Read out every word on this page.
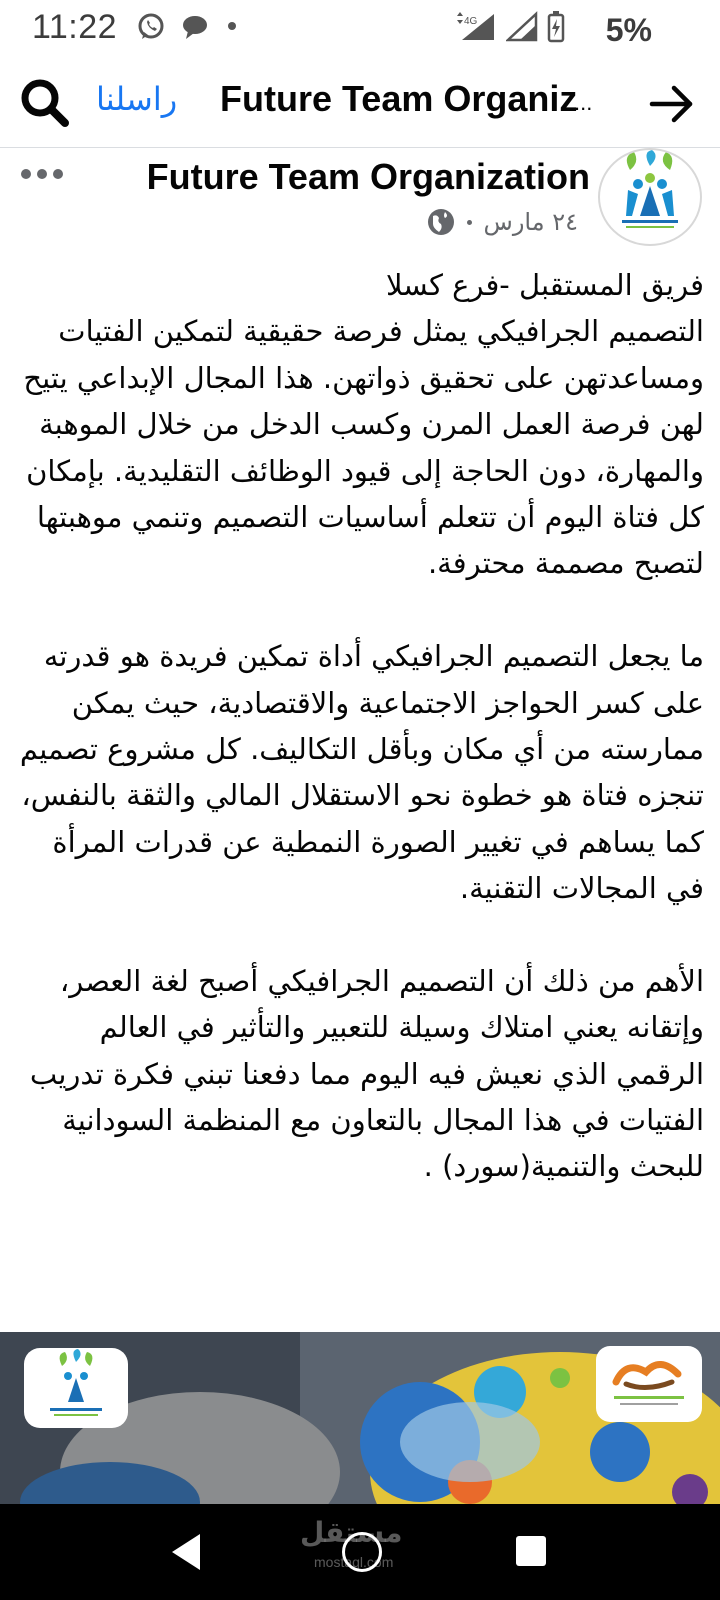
11:22	4G	5%
راسلنا Future Team Organiz
...
Future Team Organization
٢٤ مارس
فريق المستقبل -فرع كسلا
التصميم الجرافيكي يمثل فرصة حقيقية لتمكين الفتيات ومساعدتهن على تحقيق ذواتهن. هذا المجال الإبداعي يتيح لهن فرصة العمل المرن وكسب الدخل من خلال الموهبة والمهارة، دون الحاجة إلى قيود الوظائف التقليدية. بإمكان كل فتاة اليوم أن تتعلم أساسيات التصميم وتنمي موهبتها لتصبح مصممة محترفة.

ما يجعل التصميم الجرافيكي أداة تمكين فريدة هو قدرته على كسر الحواجز الاجتماعية والاقتصادية، حيث يمكن ممارسته من أي مكان وبأقل التكاليف. كل مشروع تصميم تنجزه فتاة هو خطوة نحو الاستقلال المالي والثقة بالنفس، كما يساهم في تغيير الصورة النمطية عن قدرات المرأة في المجالات التقنية.

الأهم من ذلك أن التصميم الجرافيكي أصبح لغة العصر، وإتقانه يعني امتلاك وسيلة للتعبير والتأثير في العالم الرقمي الذي نعيش فيه اليوم مما دفعنا تبني فكرة تدريب الفتيات في هذا المجال بالتعاون مع المنظمة السودانية للبحث والتنمية(سورد) .
مستقل
mostaql.com
